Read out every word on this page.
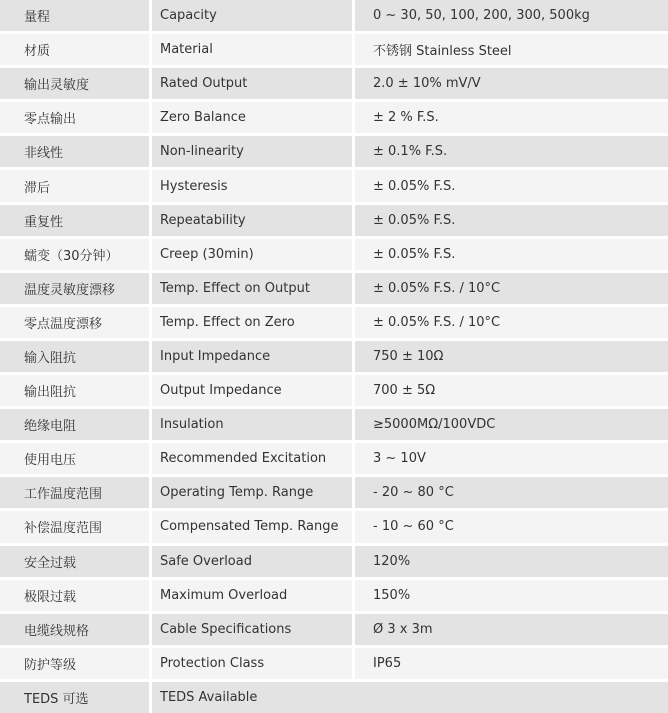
量程	Capacity	0 ~ 30, 50, 100, 200, 300, 500kg
材质	Material	不锈钢 Stainless Steel
输出灵敏度	Rated Output	2.0 ± 10% mV/V
零点输出	Zero Balance	± 2 % F.S.
非线性	Non-linearity	± 0.1% F.S.
滞后	Hysteresis	± 0.05% F.S.
重复性	Repeatability	± 0.05% F.S.
蠕变（30分钟）	Creep (30min)	± 0.05% F.S.
温度灵敏度漂移	Temp. Effect on Output	± 0.05% F.S. / 10°C
零点温度漂移	Temp. Effect on Zero	± 0.05% F.S. / 10°C
输入阻抗	Input Impedance	750 ± 10Ω
输出阻抗	Output Impedance	700 ± 5Ω
绝缘电阻	Insulation	≥5000MΩ/100VDC
使用电压	Recommended Excitation	3 ~ 10V
工作温度范围	Operating Temp. Range	- 20 ~ 80 °C
补偿温度范围	Compensated Temp. Range	- 10 ~ 60 °C
安全过载	Safe Overload	120%
极限过载	Maximum Overload	150%
电缆线规格	Cable Specifications	Ø 3 x 3m
防护等级	Protection Class	IP65
TEDS 可选	TEDS Available
